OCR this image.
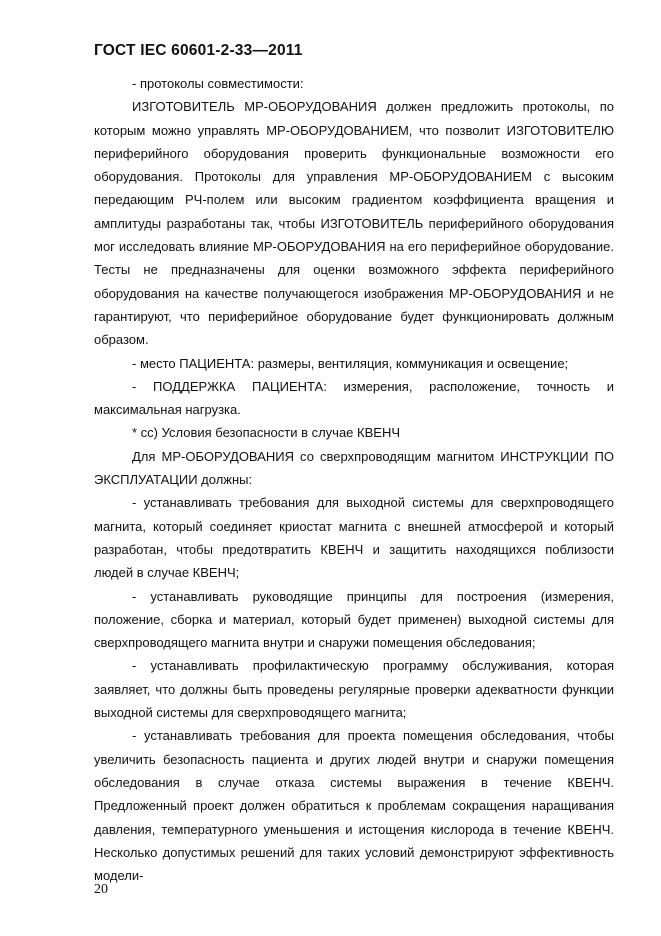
ГОСТ IEC 60601-2-33—2011

- протоколы совместимости:

ИЗГОТОВИТЕЛЬ МР-ОБОРУДОВАНИЯ должен предложить протоколы, по которым можно управлять МР-ОБОРУДОВАНИЕМ, что позволит ИЗГОТОВИТЕЛЮ периферийного оборудования проверить функциональные возможности его оборудования. Протоколы для управления МР-ОБОРУДОВАНИЕМ с высоким передающим РЧ-полем или высоким градиентом коэффициента вращения и амплитуды разработаны так, чтобы ИЗГОТОВИТЕЛЬ периферийного оборудования мог исследовать влияние МР-ОБОРУДОВАНИЯ на его периферийное оборудование. Тесты не предназначены для оценки возможного эффекта периферийного оборудования на качестве получающегося изображения МР-ОБОРУДОВАНИЯ и не гарантируют, что периферийное оборудование будет функционировать должным образом.

- место ПАЦИЕНТА: размеры, вентиляция, коммуникация и освещение;

- ПОДДЕРЖКА ПАЦИЕНТА: измерения, расположение, точность и максимальная нагрузка.

* cc) Условия безопасности в случае КВЕНЧ

Для МР-ОБОРУДОВАНИЯ со сверхпроводящим магнитом ИНСТРУКЦИИ ПО ЭКСПЛУАТАЦИИ должны:

- устанавливать требования для выходной системы для сверхпроводящего магнита, который соединяет криостат магнита с внешней атмосферой и который разработан, чтобы предотвратить КВЕНЧ и защитить находящихся поблизости людей в случае КВЕНЧ;

- устанавливать руководящие принципы для построения (измерения, положение, сборка и материал, который будет применен) выходной системы для сверхпроводящего магнита внутри и снаружи помещения обследования;

- устанавливать профилактическую программу обслуживания, которая заявляет, что должны быть проведены регулярные проверки адекватности функции выходной системы для сверхпроводящего магнита;

- устанавливать требования для проекта помещения обследования, чтобы увеличить безопасность пациента и других людей внутри и снаружи помещения обследования в случае отказа системы выражения в течение КВЕНЧ. Предложенный проект должен обратиться к проблемам сокращения наращивания давления, температурного уменьшения и истощения кислорода в течение КВЕНЧ. Несколько допустимых решений для таких условий демонстрируют эффективность модели-

20
